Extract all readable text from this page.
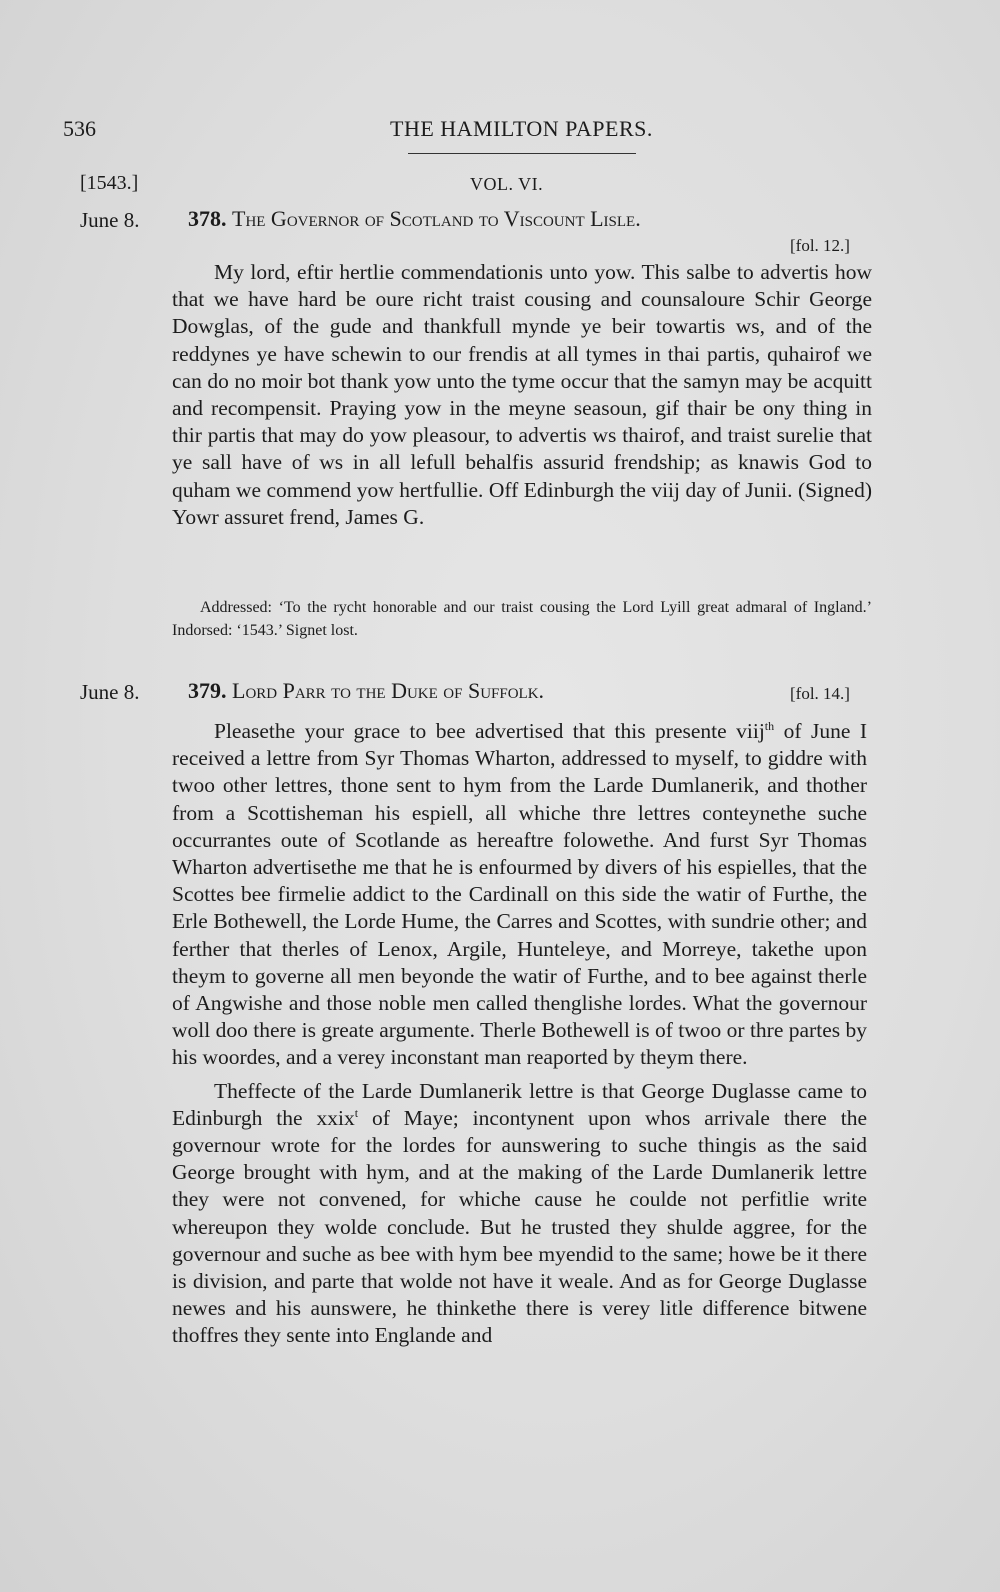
536	THE HAMILTON PAPERS.
[1543.]	VOL. VI.
June 8. 378. The Governor of Scotland to Viscount Lisle.
[fol. 12.]

My lord, eftir hertlie commendationis unto yow. This salbe to advertis how that we have hard be oure richt traist cousing and counsaloure Schir George Dowglas, of the gude and thankfull mynde ye beir towartis ws, and of the reddynes ye have schewin to our frendis at all tymes in thai partis, quhairof we can do no moir bot thank yow unto the tyme occur that the samyn may be acquitt and recompensit. Praying yow in the meyne seasoun, gif thair be ony thing in thir partis that may do yow pleasour, to advertis ws thairof, and traist surelie that ye sall have of ws in all lefull behalfis assurid frendship; as knawis God to quham we commend yow hertfullie. Off Edinburgh the viij day of Junii. (Signed) Yowr assuret frend, James G.

Addressed: ‘To the rycht honorable and our traist cousing the Lord Lyill great admaral of Ingland.’ Indorsed: ‘1543.’ Signet lost.

June 8. 379. Lord Parr to the Duke of Suffolk.	[fol. 14.]

Pleasethe your grace to bee advertised that this presente viij$^{th}$ of June I received a lettre from Syr Thomas Wharton, addressed to myself, to giddre with twoo other lettres, thone sent to hym from the Larde Dumlanerik, and thother from a Scottisheman his espiell, all whiche thre lettres conteynethe suche occurrantes oute of Scotlande as hereaftre folowethe. And furst Syr Thomas Wharton advertisethe me that he is enfourmed by divers of his espielles, that the Scottes bee firmelie addict to the Cardinall on this side the watir of Furthe, the Erle Bothewell, the Lorde Hume, the Carres and Scottes, with sundrie other; and ferther that therles of Lenox, Argile, Hunteleye, and Morreye, takethe upon theym to governe all men beyonde the watir of Furthe, and to bee against therle of Angwishe and those noble men called thenglishe lordes. What the governour woll doo there is greate argumente. Therle Bothewell is of twoo or thre partes by his woordes, and a verey inconstant man reaported by theym there.

Theffecte of the Larde Dumlanerik lettre is that George Duglasse came to Edinburgh the xxix$^t$ of Maye; incontynent upon whos arrivale there the governour wrote for the lordes for aunswering to suche thingis as the said George brought with hym, and at the making of the Larde Dumlanerik lettre they were not convened, for whiche cause he coulde not perfitlie write whereupon they wolde conclude. But he trusted they shulde aggree, for the governour and suche as bee with hym bee myendid to the same; howe be it there is division, and parte that wolde not have it weale. And as for George Duglasse newes and his aunswere, he thinkethe there is verey litle difference bitwene thoffres they sente into Englande and
